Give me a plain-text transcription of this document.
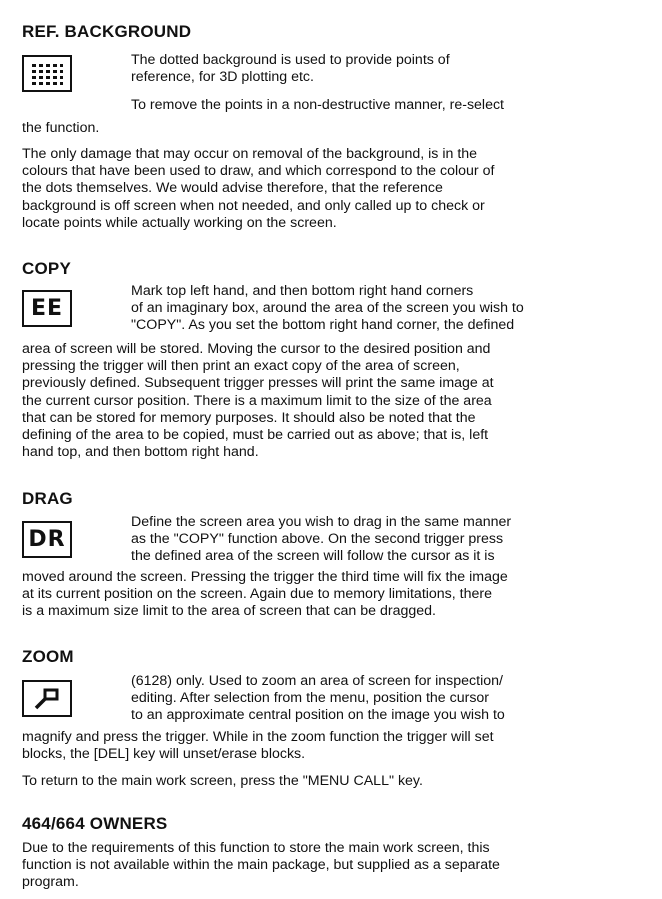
REF. BACKGROUND

The dotted background is used to provide points of
reference, for 3D plotting etc.

To remove the points in a non-destructive manner, re-select

the function.

The only damage that may occur on removal of the background, is in the
colours that have been used to draw, and which correspond to the colour of
the dots themselves. We would advise therefore, that the reference
background is off screen when not needed, and only called up to check or
locate points while actually working on the screen.

COPY
EE

Mark top left hand, and then bottom right hand corners
of an imaginary box, around the area of the screen you wish to
"COPY". As you set the bottom right hand corner, the defined

area of screen will be stored. Moving the cursor to the desired position and
pressing the trigger will then print an exact copy of the area of screen,
previously defined. Subsequent trigger presses will print the same image at
the current cursor position. There is a maximum limit to the size of the area
that can be stored for memory purposes. It should also be noted that the
defining of the area to be copied, must be carried out as above; that is, left
hand top, and then bottom right hand.

DRAG
DR

Define the screen area you wish to drag in the same manner
as the "COPY" function above. On the second trigger press
the defined area of the screen will follow the cursor as it is

moved around the screen. Pressing the trigger the third time will fix the image
at its current position on the screen. Again due to memory limitations, there
is a maximum size limit to the area of screen that can be dragged.

ZOOM

(6128) only. Used to zoom an area of screen for inspection/
editing. After selection from the menu, position the cursor
to an approximate central position on the image you wish to

magnify and press the trigger. While in the zoom function the trigger will set
blocks, the [DEL] key will unset/erase blocks.

To return to the main work screen, press the "MENU CALL" key.

464/664 OWNERS

Due to the requirements of this function to store the main work screen, this
function is not available within the main package, but supplied as a separate
program.
